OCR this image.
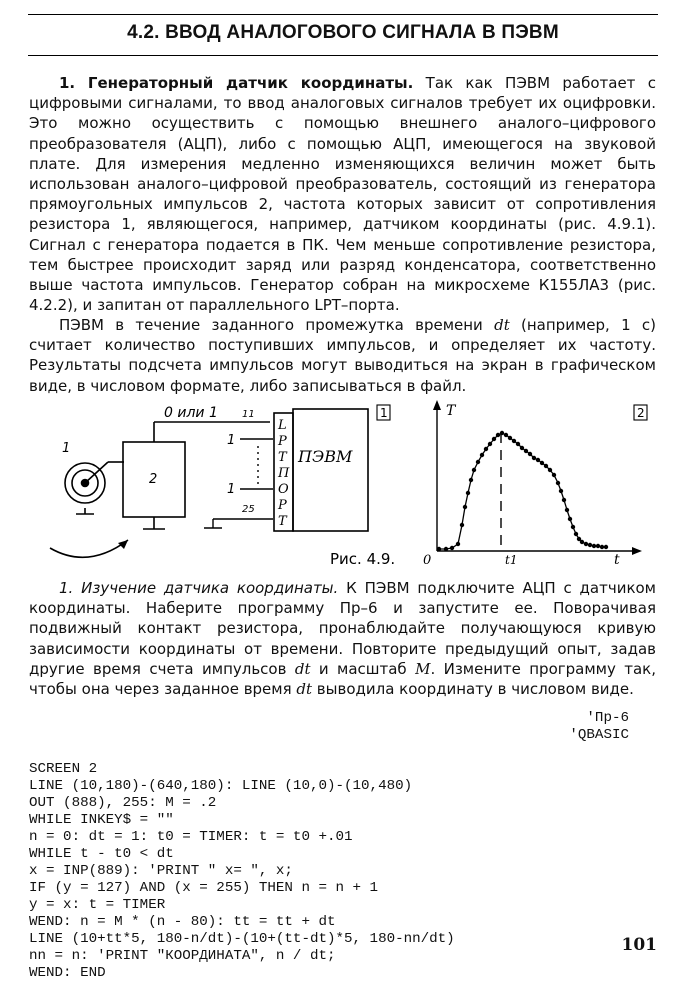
4.2. ВВОД АНАЛОГОВОГО СИГНАЛА В ПЭВМ
1. Генераторный датчик координаты. Так как ПЭВМ работает с цифровыми сигналами, то ввод аналоговых сигналов требует их оцифровки. Это можно осуществить с помощью внешнего аналого–цифрового преобразователя (АЦП), либо с помощью АЦП, имеющегося на звуковой плате. Для измерения медленно изменяющихся величин может быть использован аналого–цифровой преобразователь, состоящий из генератора прямоугольных импульсов 2, частота которых зависит от сопротивления резистора 1, являющегося, например, датчиком координаты (рис. 4.9.1). Сигнал с генератора подается в ПК. Чем меньше сопротивление резистора, тем быстрее происходит заряд или разряд конденсатора, соответственно выше частота импульсов. Генератор собран на микросхеме К155ЛА3 (рис. 4.2.2), и запитан от параллельного LPT–порта.
ПЭВМ в течение заданного промежутка времени dt (например, 1 с) считает количество поступивших импульсов, и определяет их частоту. Результаты подсчета импульсов могут выводиться на экран в графическом виде, в числовом формате, либо записываться в файл.
1
2
0 или 1
1
1
11
25
L
P
T
П
О
Р
Т
ПЭВМ
1
Рис. 4.9.
T
t
0	t1
2
1. Изучение датчика координаты. К ПЭВМ подключите АЦП с датчиком координаты. Наберите программу Пр–6 и запустите ее. Поворачивая подвижный контакт резистора, пронаблюдайте получающуюся кривую зависимости координаты от времени. Повторите предыдущий опыт, задав другие время счета импульсов dt и масштаб M. Измените программу так, чтобы она через заданное время dt выводила координату в числовом виде.

'Пр-6

'QBASIC

SCREEN 2
LINE (10,180)-(640,180): LINE (10,0)-(10,480)
OUT (888), 255: M = .2
WHILE INKEY$ = ""
n = 0: dt = 1: t0 = TIMER: t = t0 +.01
WHILE t - t0 < dt
x = INP(889): 'PRINT " x= ", x;
IF (y = 127) AND (x = 255) THEN n = n + 1
y = x: t = TIMER
WEND: n = M * (n - 80): tt = tt + dt
LINE (10+tt*5, 180-n/dt)-(10+(tt-dt)*5, 180-nn/dt)
nn = n: 'PRINT "КООРДИНАТА", n / dt;
WEND: END
101
